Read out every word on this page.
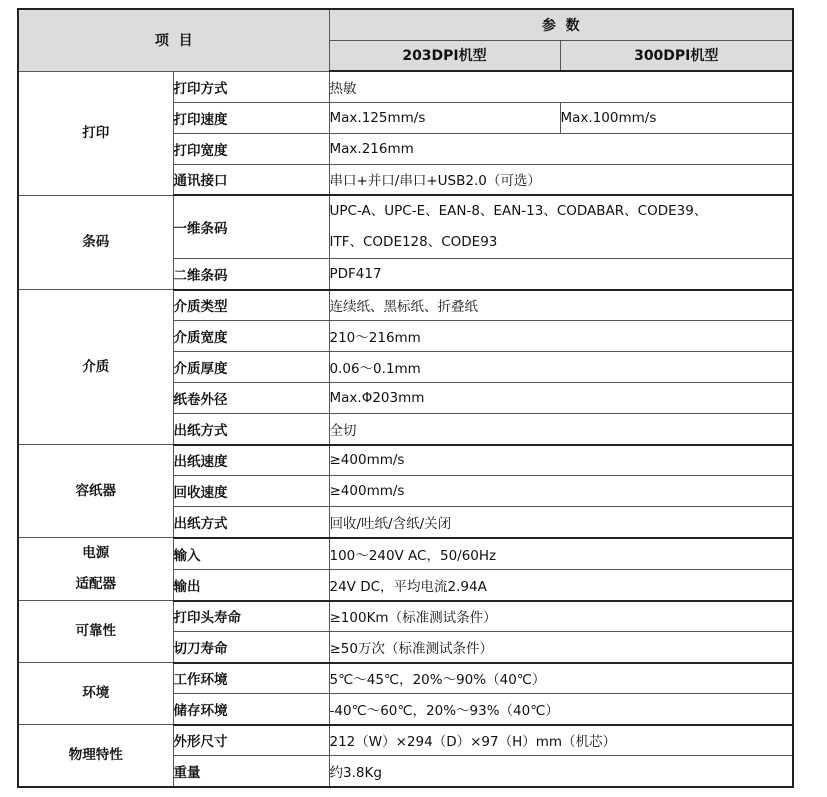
项  目		参  数	
		203DPI机型	300DPI机型
打印	打印方式	热敏	
	打印速度	Max.125mm/s	Max.100mm/s
	打印宽度	Max.216mm	
	通讯接口	串口+并口/串口+USB2.0（可选）	
条码	一维条码	UPC-A、UPC-E、EAN-8、EAN-13、CODABAR、CODE39、
ITF、CODE128、CODE93	

	二维条码	PDF417	
介质	介质类型	连续纸、黑标纸、折叠纸	
	介质宽度	210～216mm	
	介质厚度	0.06～0.1mm	
	纸卷外径	Max.Φ203mm	
	出纸方式	全切	
容纸器	出纸速度	≥400mm/s	
	回收速度	≥400mm/s	
	出纸方式	回收/吐纸/含纸/关闭	

电源
适配器	输入	100～240V AC，50/60Hz	
	输出	24V DC，平均电流2.94A	
可靠性	打印头寿命	≥100Km（标准测试条件）	
	切刀寿命	≥50万次（标准测试条件）	
环境	工作环境	5℃～45℃，20%～90%（40℃）	
	储存环境	-40℃～60℃，20%～93%（40℃）	
物理特性	外形尺寸	212（W）×294（D）×97（H）mm（机芯）	
	重量	约3.8Kg	
